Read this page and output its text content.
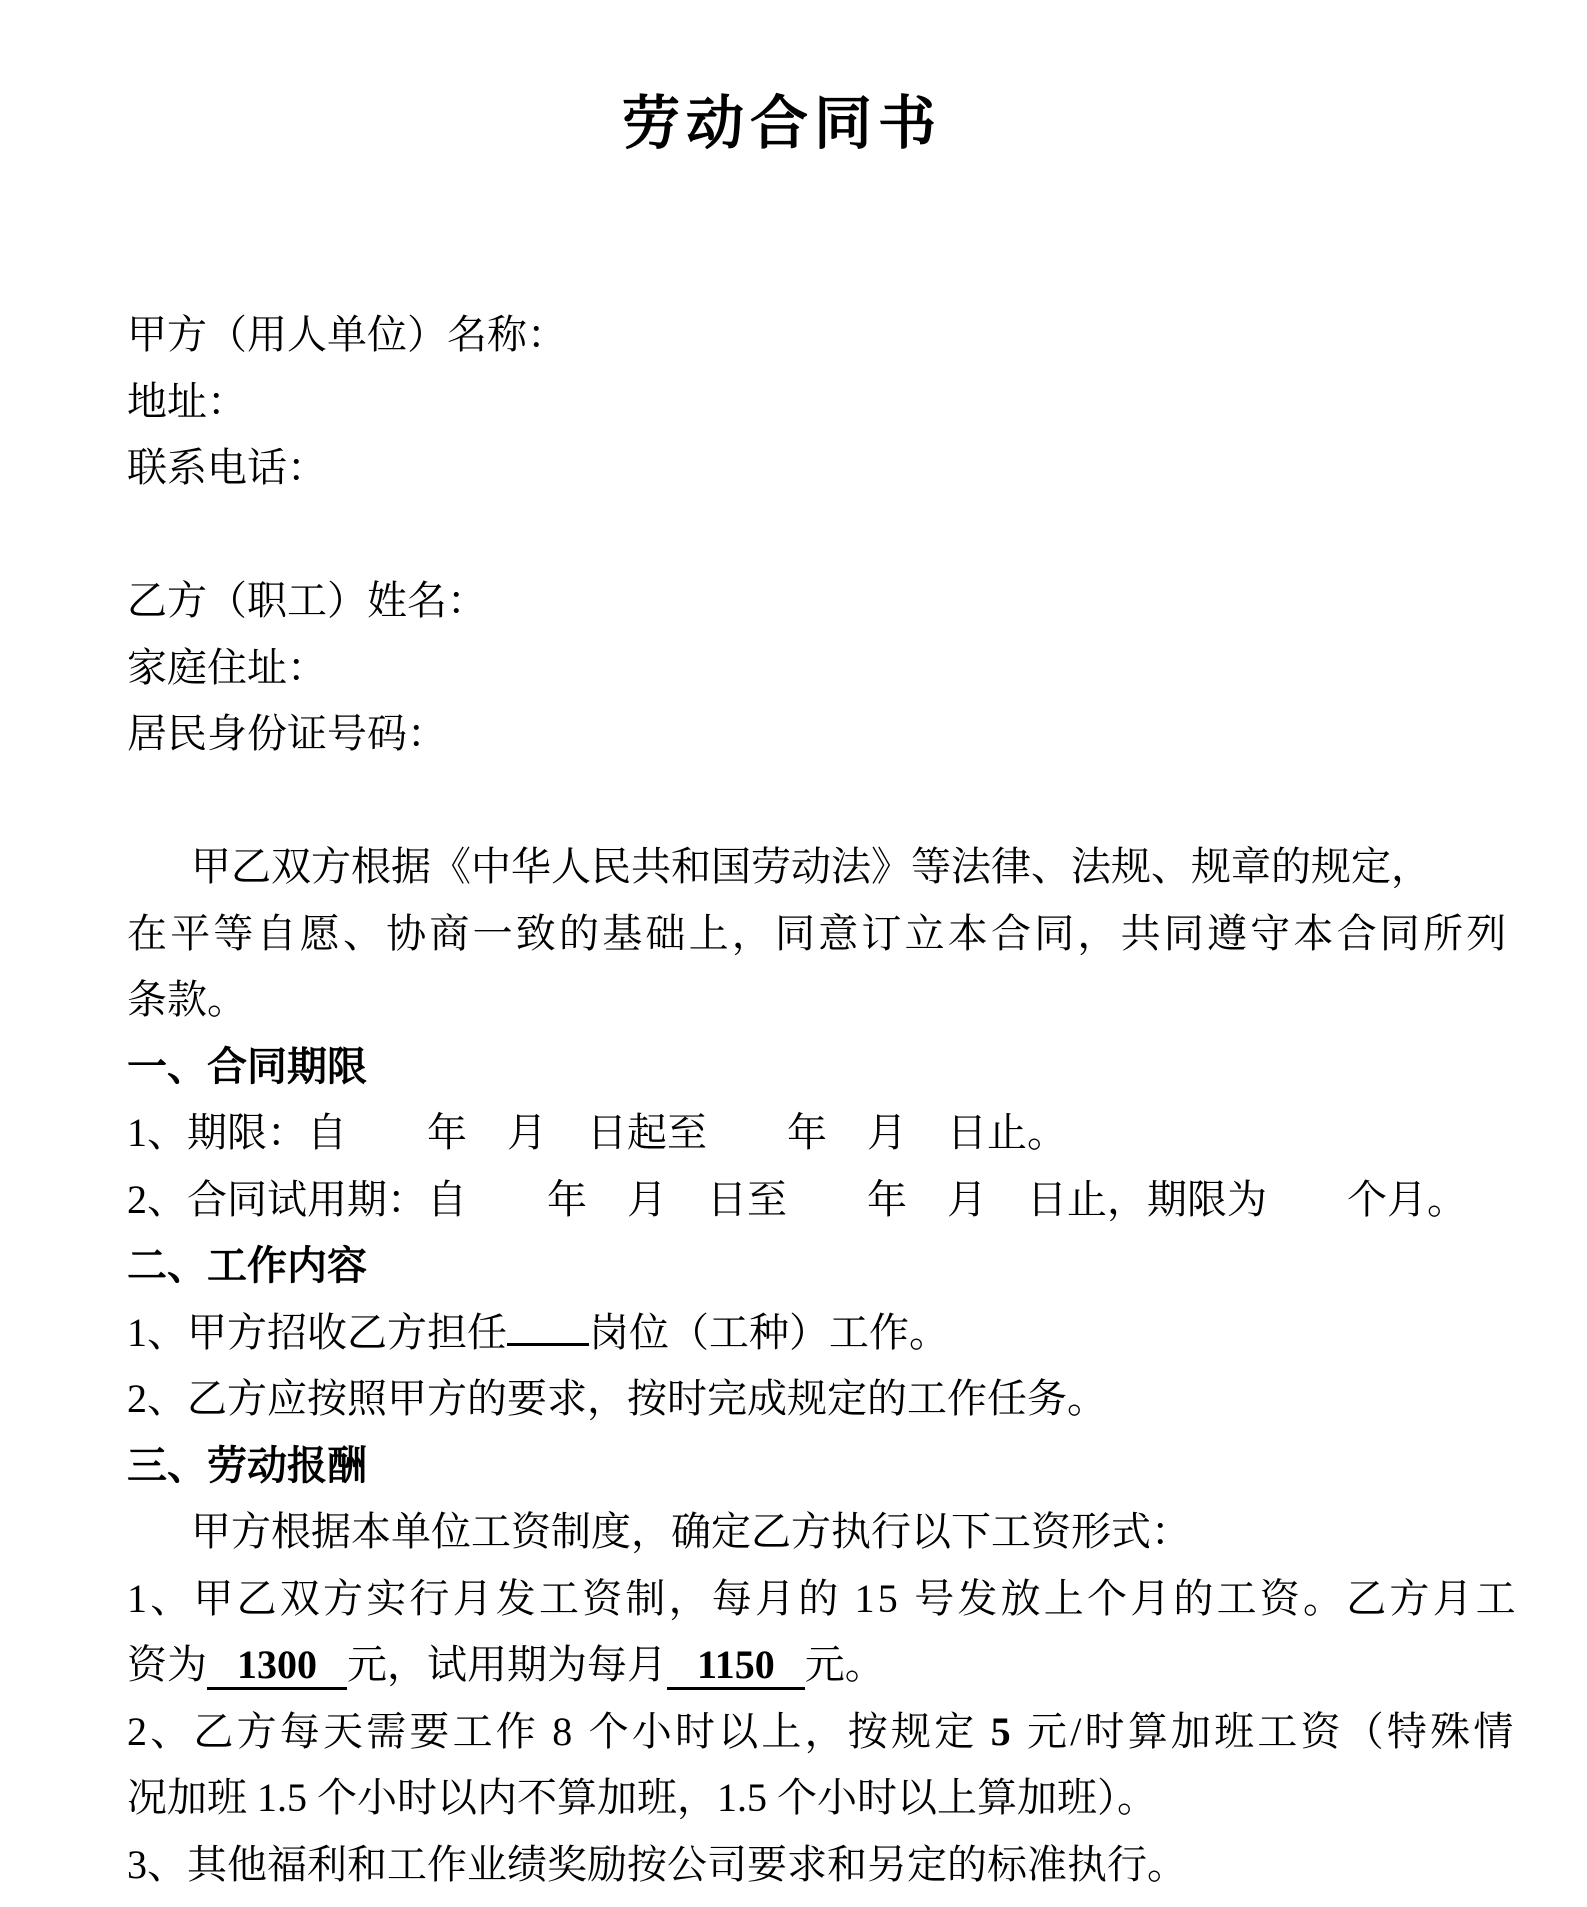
劳动合同书

甲方（用人单位）名称：

地址：

联系电话：

乙方（职工）姓名：

家庭住址：

居民身份证号码：

甲乙双方根据《中华人民共和国劳动法》等法律、法规、规章的规定，

在平等自愿、协商一致的基础上，同意订立本合同，共同遵守本合同所列

条款。

一、合同期限

1、期限：自　　年　月　日起至　　年　月　日止。

2、合同试用期：自　　年　月　日至　　年　月　日止，期限为　　个月。

二、工作内容

1、甲方招收乙方担任 岗位（工种）工作。

2、乙方应按照甲方的要求，按时完成规定的工作任务。

三、劳动报酬

甲方根据本单位工资制度，确定乙方执行以下工资形式：

1、甲乙双方实行月发工资制，每月的 15 号发放上个月的工资。乙方月工

资为 1300 元，试用期为每月 1150 元。

2、乙方每天需要工作 8 个小时以上，按规定 5 元/时算加班工资（特殊情

况加班 1.5 个小时以内不算加班，1.5 个小时以上算加班）。

3、其他福利和工作业绩奖励按公司要求和另定的标准执行。
